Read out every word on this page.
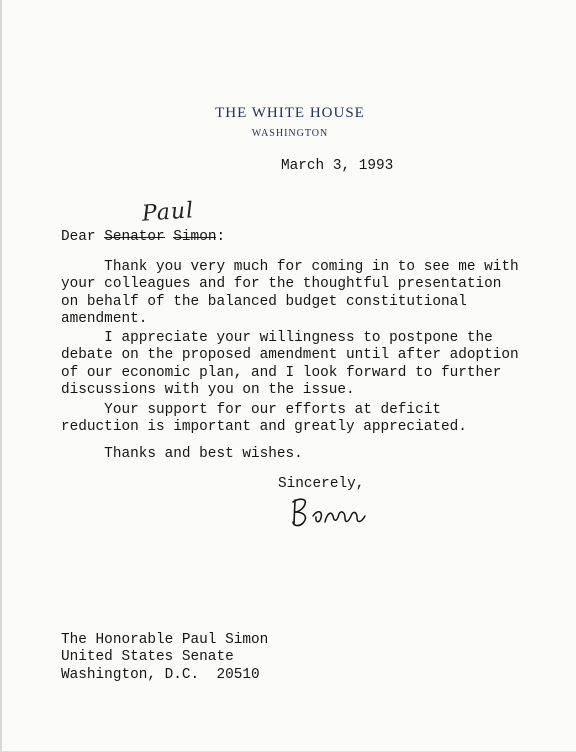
THE WHITE HOUSE
WASHINGTON
March 3, 1993
Dear Senator Simon:
Paul
Thank you very much for coming in to see me with
your colleagues and for the thoughtful presentation
on behalf of the balanced budget constitutional
amendment.
I appreciate your willingness to postpone the
debate on the proposed amendment until after adoption
of our economic plan, and I look forward to further
discussions with you on the issue.
Your support for our efforts at deficit
reduction is important and greatly appreciated.
Thanks and best wishes.
Sincerely,
The Honorable Paul Simon
United States Senate
Washington, D.C.  20510
